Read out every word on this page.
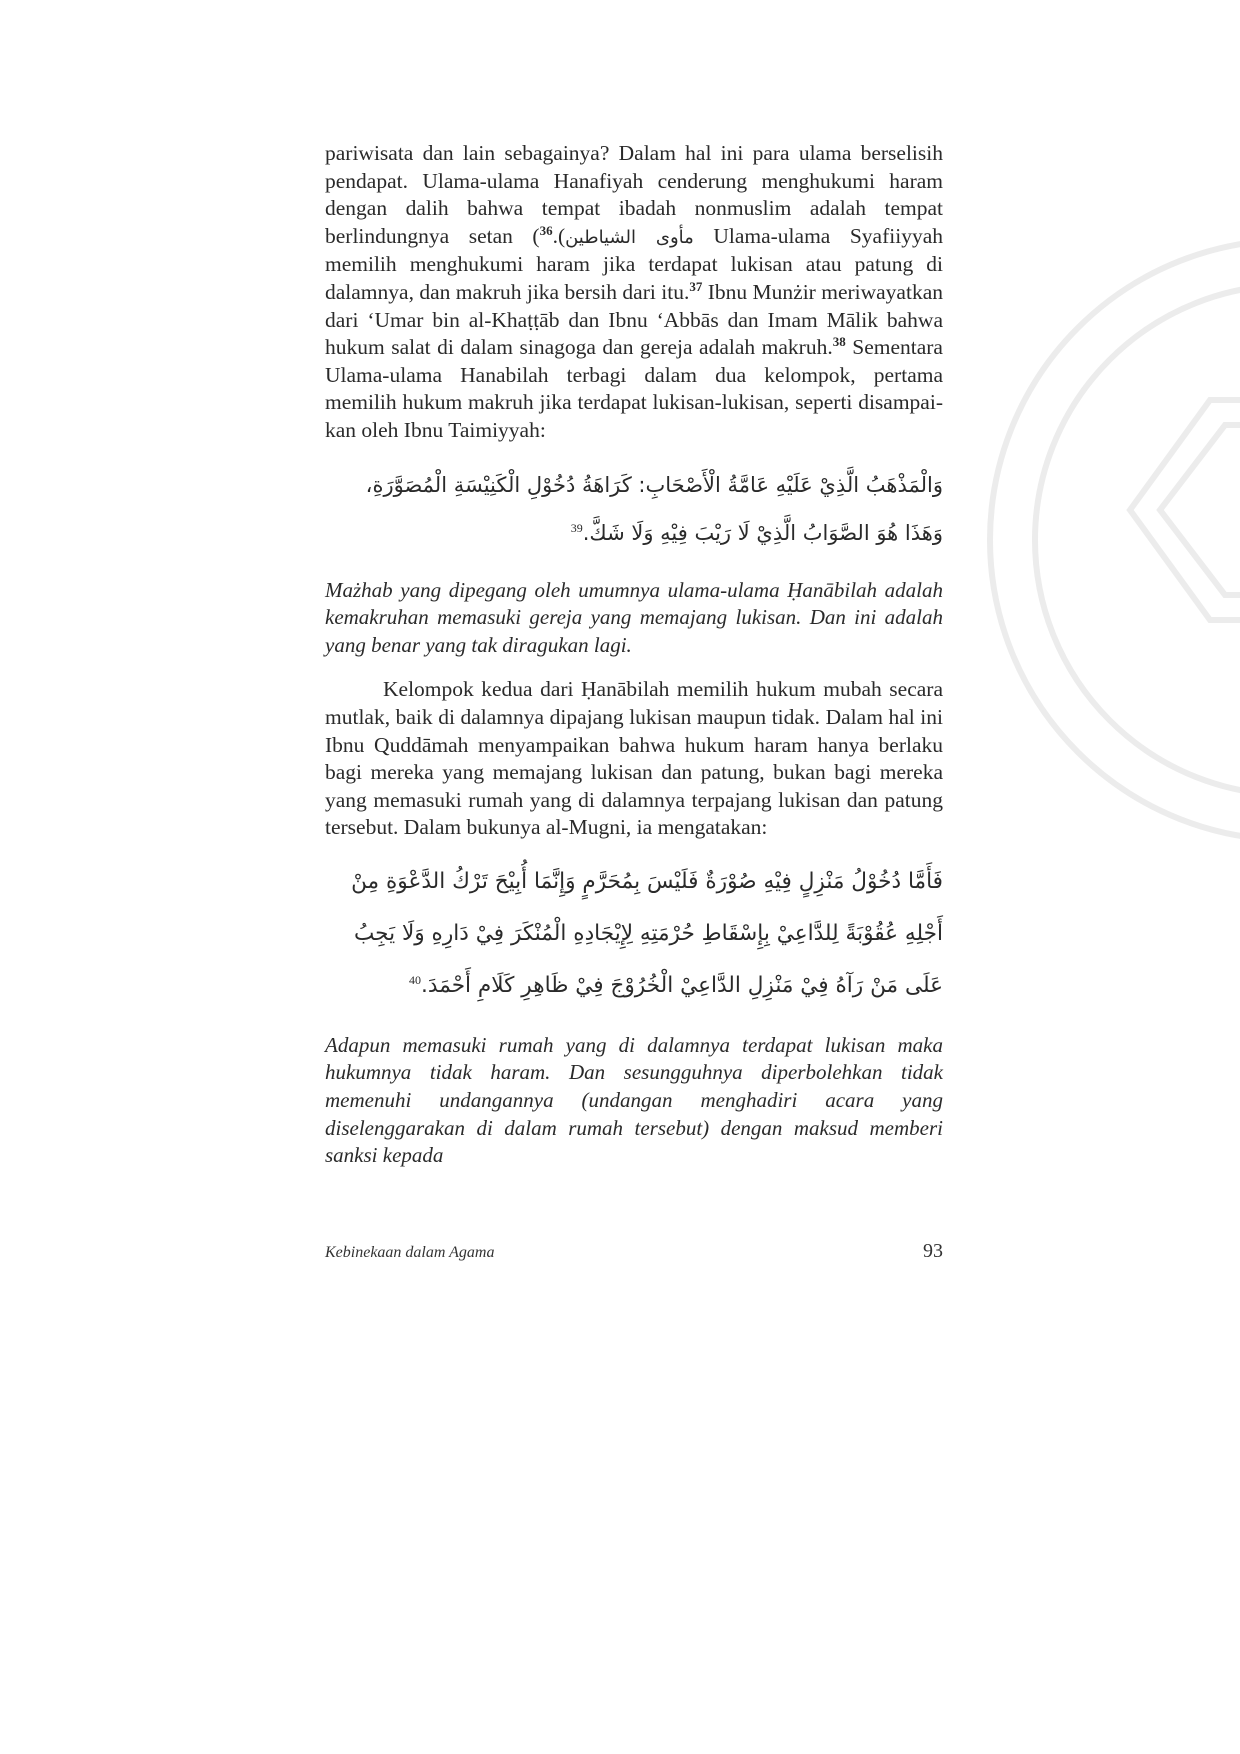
pariwisata dan lain sebagainya? Dalam hal ini para ulama berselisih pendapat. Ulama-ulama Hanafiyah cenderung menghukumi haram dengan dalih bahwa tempat ibadah nonmuslim adalah tempat berlindungnya setan ( مأوى الشياطين).$^{36}$	Ulama-ulama Syafiiyyah memilih menghukumi haram jika terdapat lukisan atau patung di dalamnya, dan makruh jika bersih dari itu.$^{37}$ Ibnu Munżir meriwayatkan dari ‘Umar bin al-Khaṭṭāb dan Ibnu ‘Abbās dan Imam Mālik bahwa hukum salat di dalam sinagoga dan gereja adalah makruh.$^{38}$ Sementara Ulama-ulama Hanabilah terbagi dalam dua kelompok, pertama memilih hukum makruh jika terdapat lukisan-lukisan, seperti disampaikan oleh Ibnu Taimiyyah:

وَالْمَذْهَبُ الَّذِيْ عَلَيْهِ عَامَّةُ الْأَصْحَابِ: كَرَاهَةُ دُخُوْلِ الْكَنِيْسَةِ الْمُصَوَّرَةِ،
وَهَذَا هُوَ الصَّوَابُ الَّذِيْ لَا رَيْبَ فِيْهِ وَلَا شَكَّ.$^{39}$

Mażhab yang dipegang oleh umumnya ulama-ulama Ḥanābilah adalah kemakruhan memasuki gereja yang memajang lukisan. Dan ini adalah yang benar yang tak diragukan lagi.

Kelompok kedua dari Ḥanābilah memilih hukum mubah secara mutlak, baik di dalamnya dipajang lukisan maupun tidak. Dalam hal ini Ibnu Quddāmah menyampaikan bahwa hukum haram hanya berlaku bagi mereka yang memajang lukisan dan patung, bukan bagi mereka yang memasuki rumah yang di dalamnya terpajang lukisan dan patung tersebut. Dalam bukunya al-Mugni, ia mengatakan:

فَأَمَّا دُخُوْلُ مَنْزِلٍ فِيْهِ صُوْرَةٌ فَلَيْسَ بِمُحَرَّمٍ وَإِنَّمَا أُبِيْحَ تَرْكُ الدَّعْوَةِ مِنْ
أَجْلِهِ عُقُوْبَةً لِلدَّاعِيْ بِإِسْقَاطِ حُرْمَتِهِ لِإِيْجَادِهِ الْمُنْكَرَ فِيْ دَارِهِ وَلَا يَجِبُ
عَلَى مَنْ رَآهُ فِيْ مَنْزِلِ الدَّاعِيْ الْخُرُوْجَ فِيْ ظَاهِرِ كَلَامِ أَحْمَدَ.$^{40}$

Adapun memasuki rumah yang di dalamnya terdapat lukisan maka hukumnya tidak haram. Dan sesungguhnya diperbolehkan tidak memenuhi undangannya (undangan menghadiri acara yang diselenggarakan di dalam rumah tersebut) dengan maksud memberi sanksi kepada

Kebinekaan dalam Agama	93
